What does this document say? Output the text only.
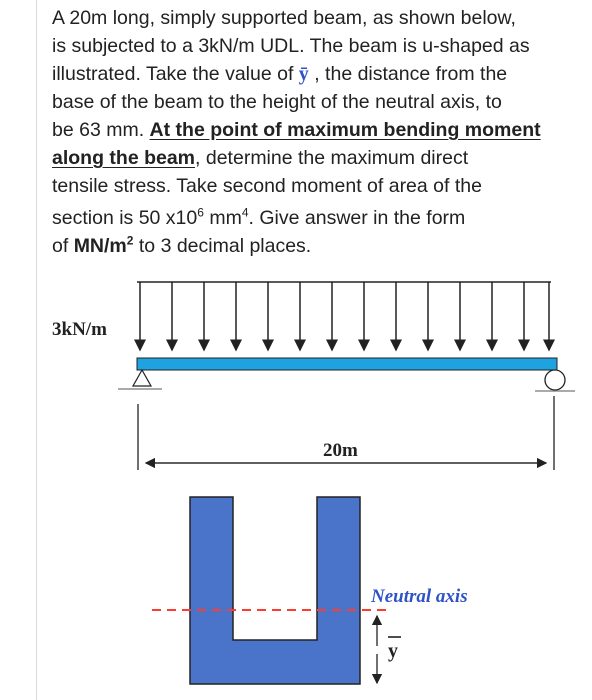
A 20m long, simply supported beam, as shown below,
is subjected to a 3kN/m UDL. The beam is u-shaped as
illustrated. Take the value of ȳ , the distance from the
base of the beam to the height of the neutral axis, to
be 63 mm. At the point of maximum bending moment
along the beam, determine the maximum direct
tensile stress. Take second moment of area of the
section is 50 $x10^6$ $mm^4$. Give answer in the form
of $MN/m^2$ to 3 decimal places.
3kN/m
20m
Neutral axis
y
